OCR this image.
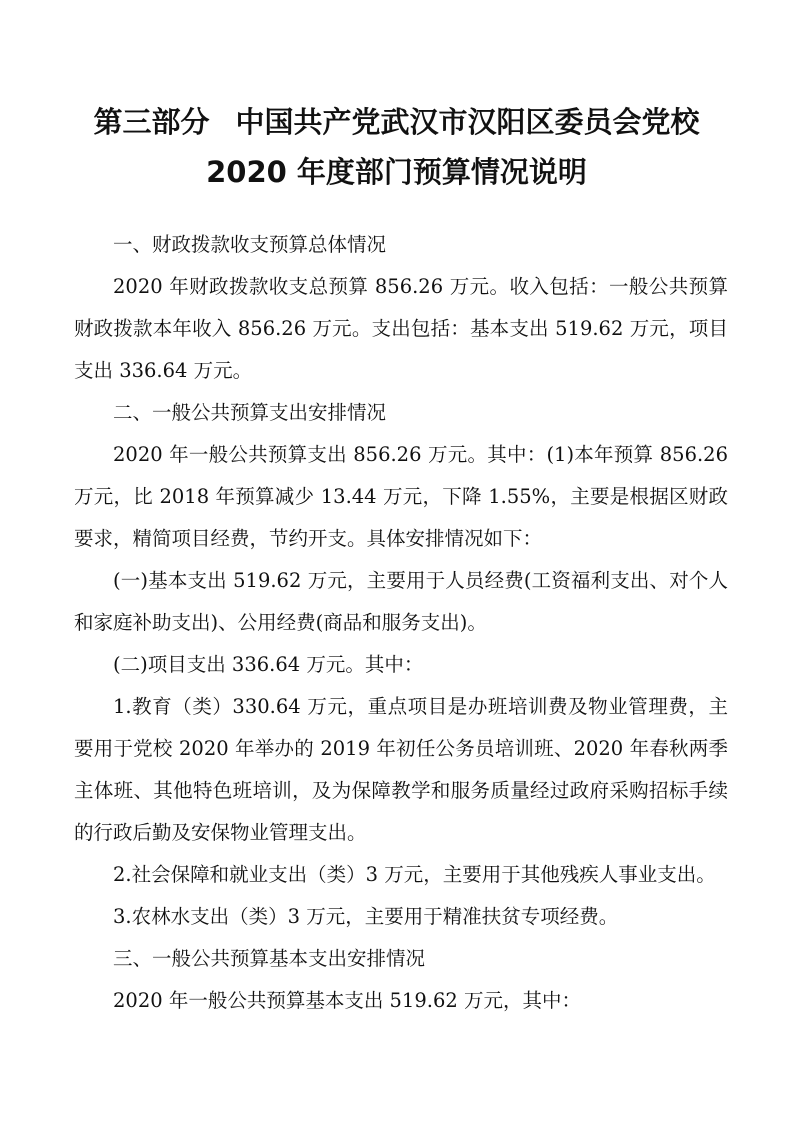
第三部分 中国共产党武汉市汉阳区委员会党校
2020 年度部门预算情况说明

一、财政拨款收支预算总体情况

2020 年财政拨款收支总预算 856.26 万元。收入包括：一般公共预算财政拨款本年收入 856.26 万元。支出包括：基本支出 519.62 万元，项目支出 336.64 万元。

二、一般公共预算支出安排情况

2020 年一般公共预算支出 856.26 万元。其中：(1)本年预算 856.26 万元，比 2018 年预算减少 13.44 万元，下降 1.55%，主要是根据区财政要求，精简项目经费，节约开支。具体安排情况如下：

(一)基本支出 519.62 万元，主要用于人员经费(工资福利支出、对个人和家庭补助支出)、公用经费(商品和服务支出)。

(二)项目支出 336.64 万元。其中：

1.教育（类）330.64 万元，重点项目是办班培训费及物业管理费，主要用于党校 2020 年举办的 2019 年初任公务员培训班、2020 年春秋两季主体班、其他特色班培训，及为保障教学和服务质量经过政府采购招标手续的行政后勤及安保物业管理支出。

2.社会保障和就业支出（类）3 万元，主要用于其他残疾人事业支出。

3.农林水支出（类）3 万元，主要用于精准扶贫专项经费。

三、一般公共预算基本支出安排情况

2020 年一般公共预算基本支出 519.62 万元，其中：
